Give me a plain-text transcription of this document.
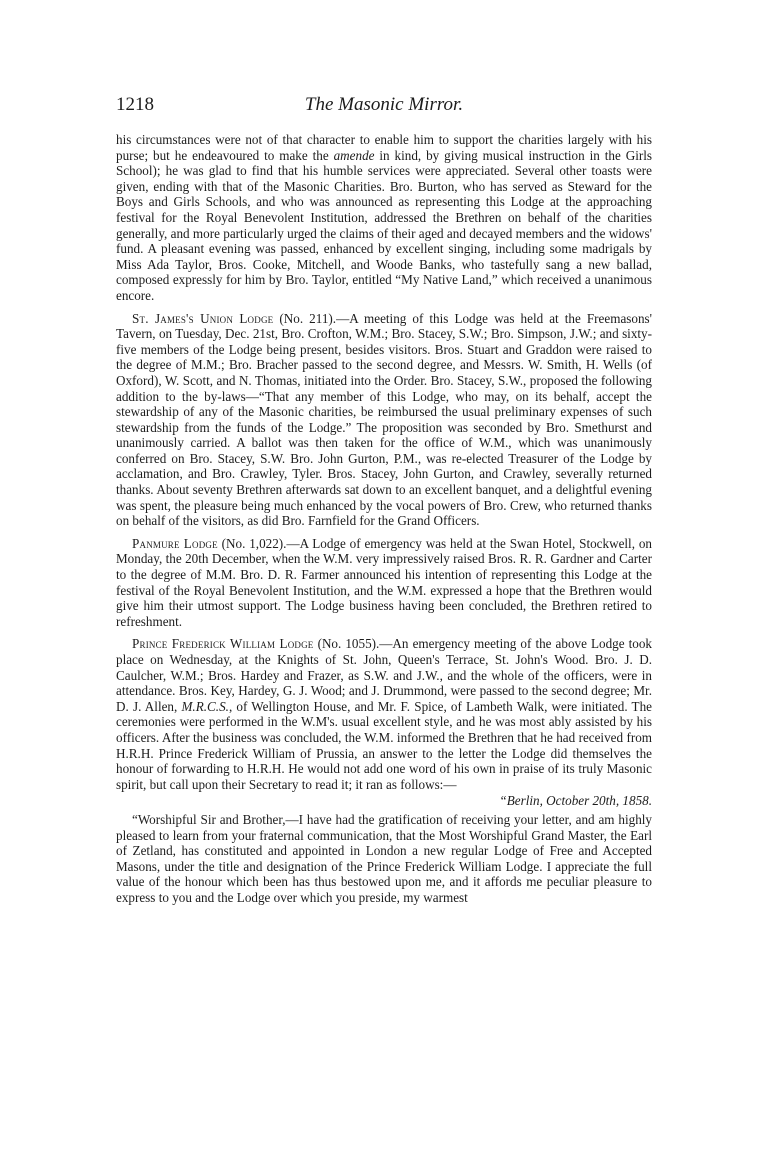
1218	The Masonic Mirror.

his circumstances were not of that character to enable him to support the charities largely with his purse; but he endeavoured to make the amende in kind, by giving musical instruction in the Girls School); he was glad to find that his humble services were appreciated. Several other toasts were given, ending with that of the Masonic Charities. Bro. Burton, who has served as Steward for the Boys and Girls Schools, and who was announced as representing this Lodge at the approaching festival for the Royal Benevolent Institution, addressed the Brethren on behalf of the charities generally, and more particularly urged the claims of their aged and decayed members and the widows' fund. A pleasant evening was passed, enhanced by excellent singing, including some madrigals by Miss Ada Taylor, Bros. Cooke, Mitchell, and Woode Banks, who tastefully sang a new ballad, composed expressly for him by Bro. Taylor, entitled “My Native Land,” which received a unanimous encore.

St. James's Union Lodge (No. 211).—A meeting of this Lodge was held at the Freemasons' Tavern, on Tuesday, Dec. 21st, Bro. Crofton, W.M.; Bro. Stacey, S.W.; Bro. Simpson, J.W.; and sixty-five members of the Lodge being present, besides visitors. Bros. Stuart and Graddon were raised to the degree of M.M.; Bro. Bracher passed to the second degree, and Messrs. W. Smith, H. Wells (of Oxford), W. Scott, and N. Thomas, initiated into the Order. Bro. Stacey, S.W., proposed the following addition to the by-laws—“That any member of this Lodge, who may, on its behalf, accept the stewardship of any of the Masonic charities, be reimbursed the usual preliminary expenses of such stewardship from the funds of the Lodge.” The proposition was seconded by Bro. Smethurst and unanimously carried. A ballot was then taken for the office of W.M., which was unanimously conferred on Bro. Stacey, S.W. Bro. John Gurton, P.M., was re-elected Treasurer of the Lodge by acclamation, and Bro. Crawley, Tyler. Bros. Stacey, John Gurton, and Crawley, severally returned thanks. About seventy Brethren afterwards sat down to an excellent banquet, and a delightful evening was spent, the pleasure being much enhanced by the vocal powers of Bro. Crew, who returned thanks on behalf of the visitors, as did Bro. Farnfield for the Grand Officers.

Panmure Lodge (No. 1,022).—A Lodge of emergency was held at the Swan Hotel, Stockwell, on Monday, the 20th December, when the W.M. very impressively raised Bros. R. R. Gardner and Carter to the degree of M.M. Bro. D. R. Farmer announced his intention of representing this Lodge at the festival of the Royal Benevolent Institution, and the W.M. expressed a hope that the Brethren would give him their utmost support. The Lodge business having been concluded, the Brethren retired to refreshment.

Prince Frederick William Lodge (No. 1055).—An emergency meeting of the above Lodge took place on Wednesday, at the Knights of St. John, Queen's Terrace, St. John's Wood. Bro. J. D. Caulcher, W.M.; Bros. Hardey and Frazer, as S.W. and J.W., and the whole of the officers, were in attendance. Bros. Key, Hardey, G. J. Wood; and J. Drummond, were passed to the second degree; Mr. D. J. Allen, M.R.C.S., of Wellington House, and Mr. F. Spice, of Lambeth Walk, were initiated. The ceremonies were performed in the W.M's. usual excellent style, and he was most ably assisted by his officers. After the business was concluded, the W.M. informed the Brethren that he had received from H.R.H. Prince Frederick William of Prussia, an answer to the letter the Lodge did themselves the honour of forwarding to H.R.H. He would not add one word of his own in praise of its truly Masonic spirit, but call upon their Secretary to read it; it ran as follows:—

“Berlin, October 20th, 1858.

“Worshipful Sir and Brother,—I have had the gratification of receiving your letter, and am highly pleased to learn from your fraternal communication, that the Most Worshipful Grand Master, the Earl of Zetland, has constituted and appointed in London a new regular Lodge of Free and Accepted Masons, under the title and designation of the Prince Frederick William Lodge. I appreciate the full value of the honour which been has thus bestowed upon me, and it affords me peculiar pleasure to express to you and the Lodge over which you preside, my warmest
